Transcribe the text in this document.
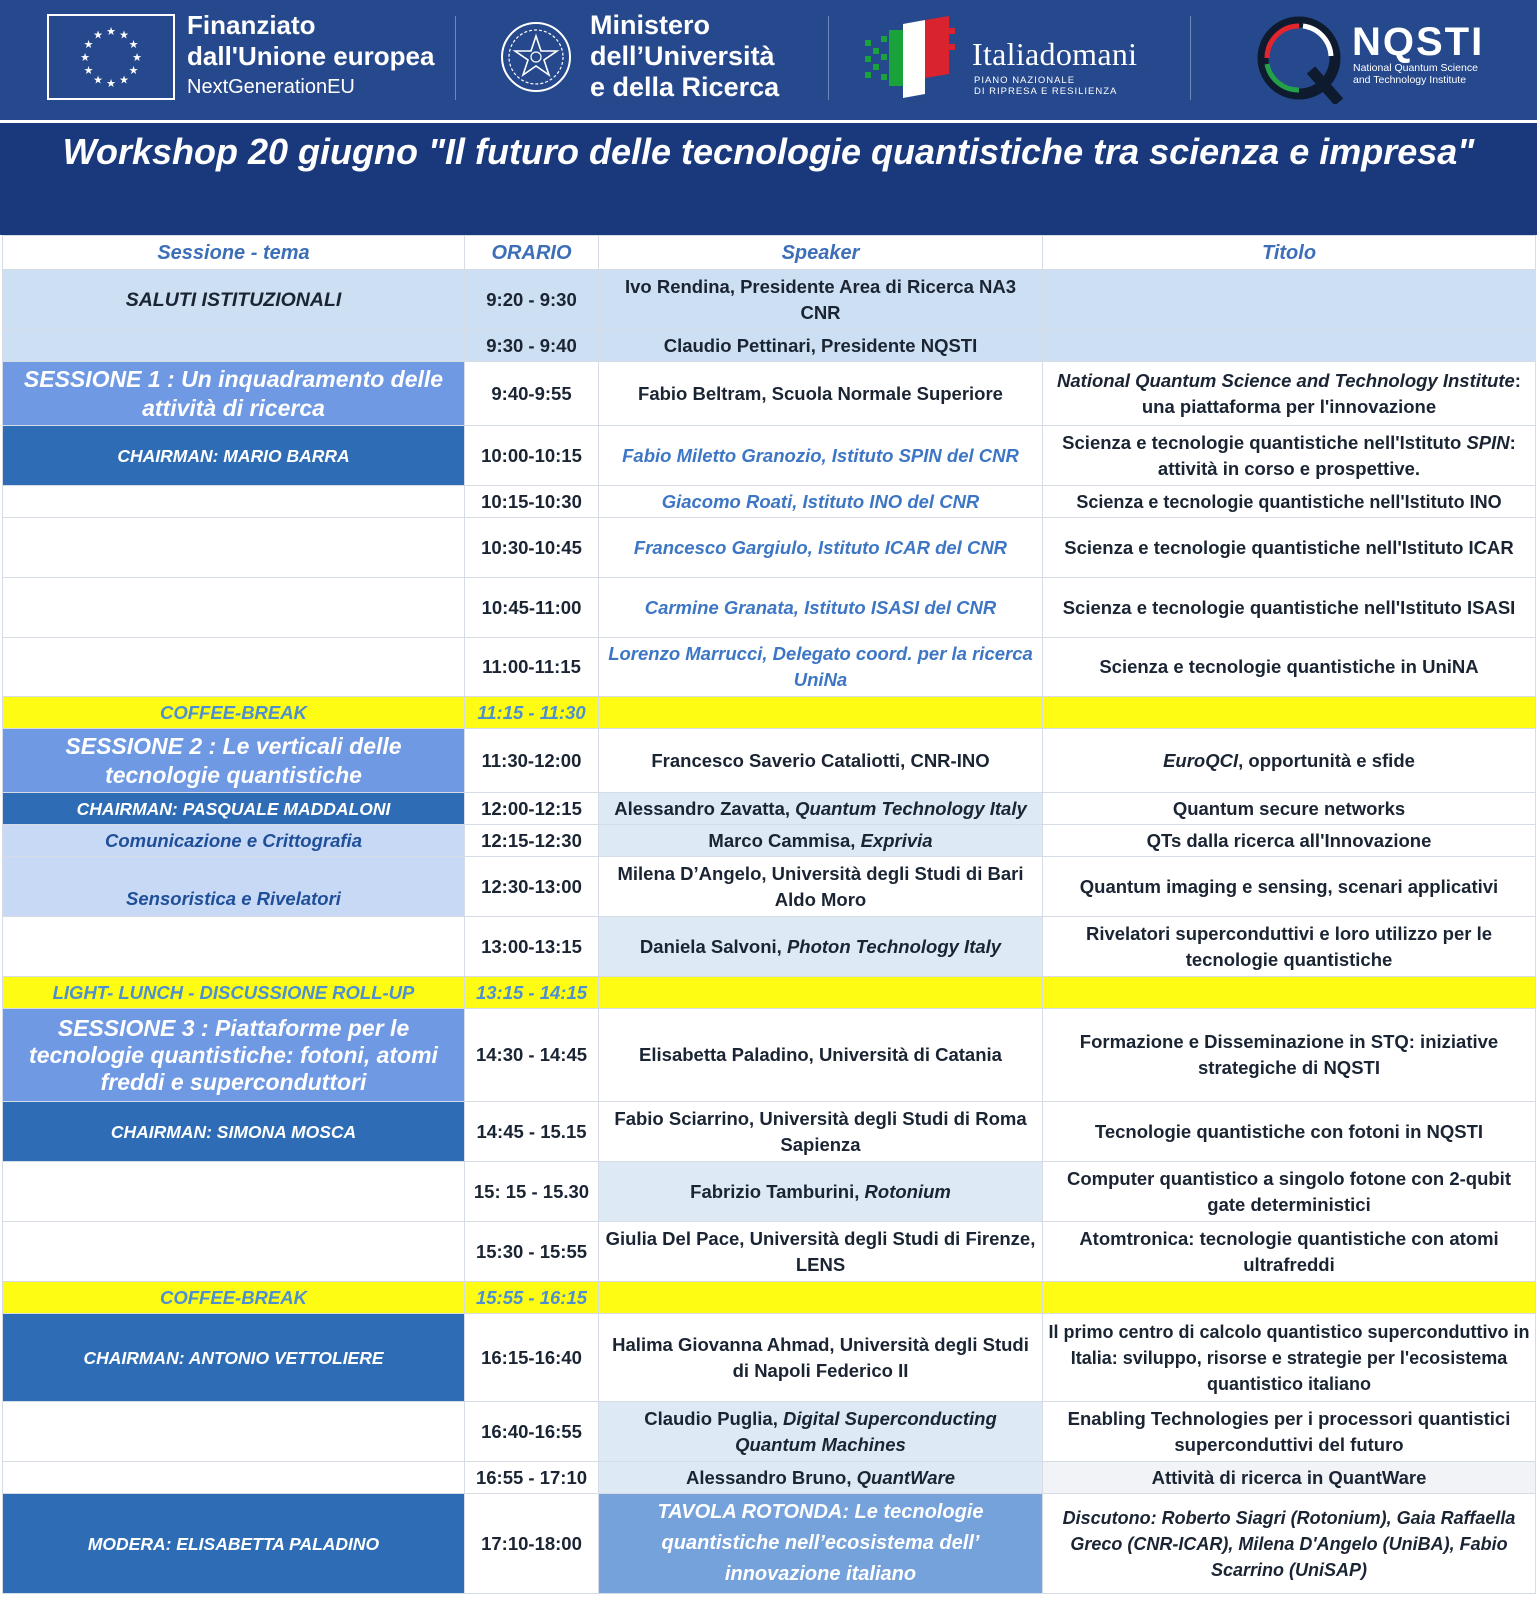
★ ★
★
★
★
★
★
★
★
★
★
★	Finanziato
dall'Unione europea
NextGenerationEU
Ministero
dell’Università
e della Ricerca
Italiadomani
PIANO NAZIONALE
DI RIPRESA E RESILIENZA
NQSTI
National Quantum Science
and Technology Institute
Workshop 20 giugno "Il futuro delle tecnologie quantistiche tra scienza e impresa"
Sessione - tema	ORARIO	Speaker	Titolo
SALUTI ISTITUZIONALI	9:20 - 9:30	Ivo Rendina, Presidente Area di Ricerca NA3 CNR	
	9:30 - 9:40	Claudio Pettinari, Presidente NQSTI	
SESSIONE 1 : Un inquadramento delle attività di ricerca	9:40-9:55	Fabio Beltram, Scuola Normale Superiore	National Quantum Science and Technology Institute: una piattaforma per l'innovazione
CHAIRMAN: MARIO BARRA	10:00-10:15	Fabio Miletto Granozio, Istituto SPIN del CNR	Scienza e tecnologie quantistiche nell'Istituto SPIN: attività in corso e prospettive.
	10:15-10:30	Giacomo Roati, Istituto INO del CNR	Scienza e tecnologie quantistiche nell'Istituto INO
	10:30-10:45	Francesco Gargiulo, Istituto ICAR del CNR	Scienza e tecnologie quantistiche nell'Istituto ICAR
	10:45-11:00	Carmine Granata, Istituto ISASI del CNR	Scienza e tecnologie quantistiche nell'Istituto ISASI
	11:00-11:15	Lorenzo Marrucci, Delegato coord. per la ricerca UniNa	Scienza e tecnologie quantistiche in UniNA
COFFEE-BREAK	11:15 - 11:30		
SESSIONE 2 : Le verticali delle tecnologie quantistiche	11:30-12:00	Francesco Saverio Cataliotti, CNR-INO	EuroQCI, opportunità e sfide
CHAIRMAN: PASQUALE MADDALONI	12:00-12:15	Alessandro Zavatta, Quantum Technology Italy	Quantum secure networks
Comunicazione e Crittografia	12:15-12:30	Marco Cammisa, Exprivia	QTs dalla ricerca all'Innovazione
Sensoristica e Rivelatori	12:30-13:00	Milena D’Angelo, Università degli Studi di Bari Aldo Moro	Quantum imaging e sensing, scenari applicativi
	13:00-13:15	Daniela Salvoni, Photon Technology Italy	Rivelatori superconduttivi e loro utilizzo per le tecnologie quantistiche
LIGHT- LUNCH - DISCUSSIONE ROLL-UP	13:15 - 14:15		
SESSIONE 3 : Piattaforme per le tecnologie quantistiche: fotoni, atomi freddi e superconduttori	14:30 - 14:45	Elisabetta Paladino, Università di Catania	Formazione e Disseminazione in STQ: iniziative strategiche di NQSTI
CHAIRMAN: SIMONA MOSCA	14:45 - 15.15	Fabio Sciarrino, Università degli Studi di Roma Sapienza	Tecnologie quantistiche con fotoni in NQSTI
	15: 15 - 15.30	Fabrizio Tamburini, Rotonium	Computer quantistico a singolo fotone con 2-qubit gate deterministici
	15:30 - 15:55	Giulia Del Pace, Università degli Studi di Firenze, LENS	Atomtronica: tecnologie quantistiche con atomi ultrafreddi
COFFEE-BREAK	15:55 - 16:15		
CHAIRMAN: ANTONIO VETTOLIERE	16:15-16:40	Halima Giovanna Ahmad, Università degli Studi di Napoli Federico II	Il primo centro di calcolo quantistico superconduttivo in Italia: sviluppo, risorse e strategie per l'ecosistema quantistico italiano
	16:40-16:55	Claudio Puglia, Digital Superconducting Quantum Machines	Enabling Technologies per i processori quantistici superconduttivi del futuro
	16:55 - 17:10	Alessandro Bruno, QuantWare	Attività di ricerca in QuantWare
MODERA: ELISABETTA PALADINO	17:10-18:00	TAVOLA ROTONDA: Le tecnologie quantistiche nell’ecosistema dell’ innovazione italiano	Discutono: Roberto Siagri (Rotonium), Gaia Raffaella Greco (CNR-ICAR), Milena D'Angelo (UniBA), Fabio Scarrino (UniSAP)
